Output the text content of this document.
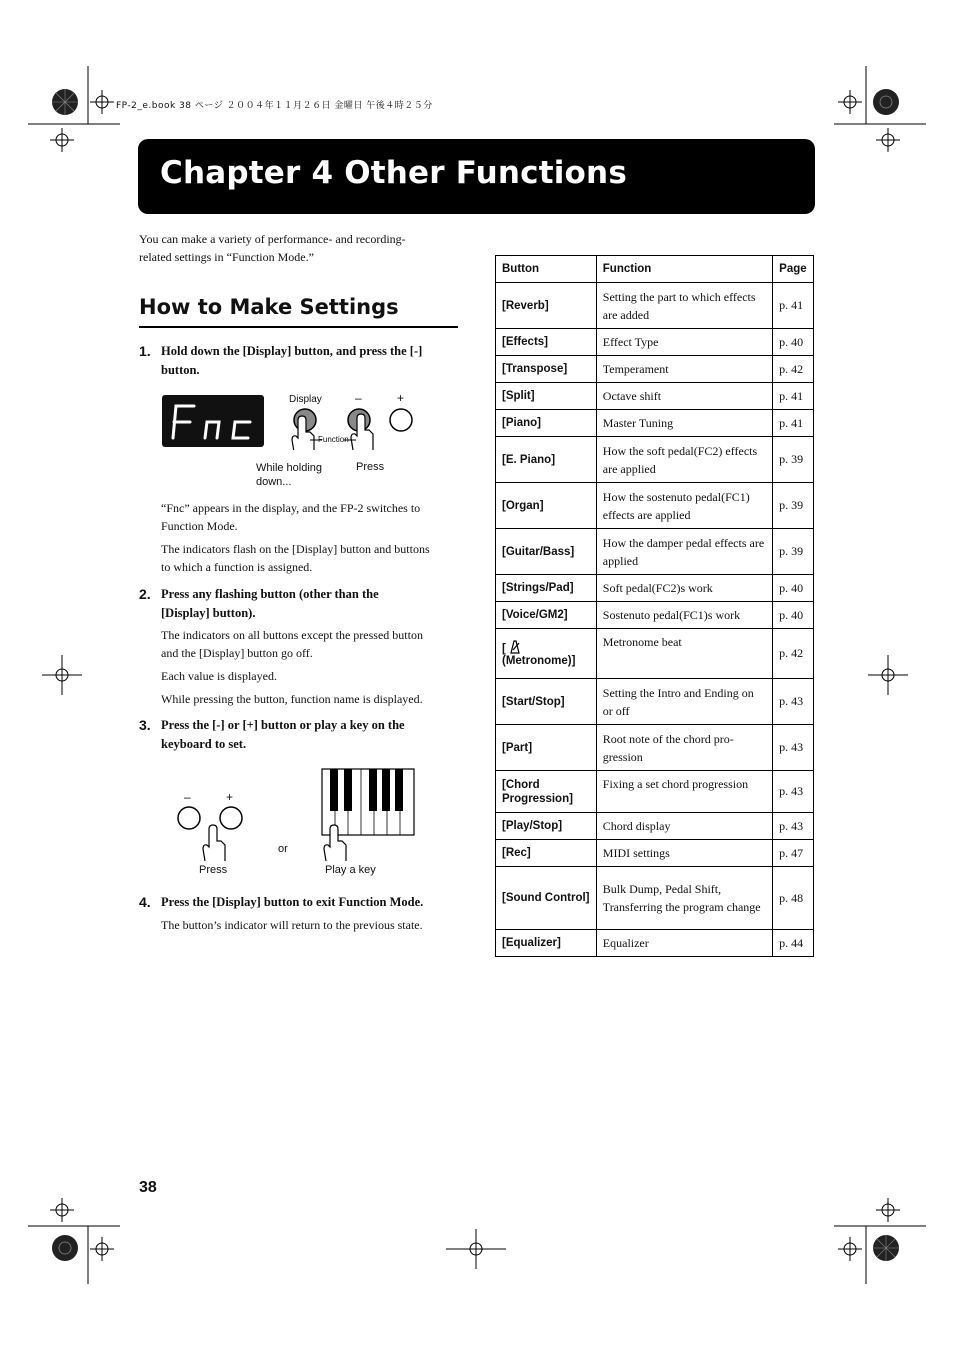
FP-2_e.book 38 ページ ２００４年１１月２６日 金曜日 午後４時２５分
Chapter 4 Other Functions
You can make a variety of performance- and recording-
related settings in “Function Mode.”
How to Make Settings
1. Hold down the [Display] button, and press the [-]
button.
Display	–	+
Function
While holding
down...
Press
“Fnc” appears in the display, and the FP-2 switches to
Function Mode.
The indicators flash on the [Display] button and buttons
to which a function is assigned.
2. Press any flashing button (other than the
[Display] button).
The indicators on all buttons except the pressed button
and the [Display] button go off.
Each value is displayed.
While pressing the button, function name is displayed.
3. Press the [-] or [+] button or play a key on the
keyboard to set.
–	+
Press
or
Play a key
4. Press the [Display] button to exit Function Mode.
The button’s indicator will return to the previous state.
Button	Function	Page
[Reverb]	Setting the part to which effects are added	p. 41
[Effects]	Effect Type	p. 40
[Transpose]	Temperament	p. 42
[Split]	Octave shift	p. 41
[Piano]	Master Tuning	p. 41
[E. Piano]	How the soft pedal(FC2) effects are applied	p. 39
[Organ]	How the sostenuto pedal(FC1) effects are applied	p. 39
[Guitar/Bass]	How the damper pedal effects are applied	p. 39
[Strings/Pad]	Soft pedal(FC2)s work	p. 40
[Voice/GM2]	Sostenuto pedal(FC1)s work	p. 40

[
(Metronome)]	Metronome beat	p. 42
[Start/Stop]	Setting the Intro and Ending on or off	p. 43
[Part]	Root note of the chord pro-gression	p. 43
[Chord Progression]	Fixing a set chord progression	p. 43
[Play/Stop]	Chord display	p. 43
[Rec]	MIDI settings	p. 47
[Sound Control]	Bulk Dump, Pedal Shift, Transferring the program change	p. 48
[Equalizer]	Equalizer	p. 44
38
